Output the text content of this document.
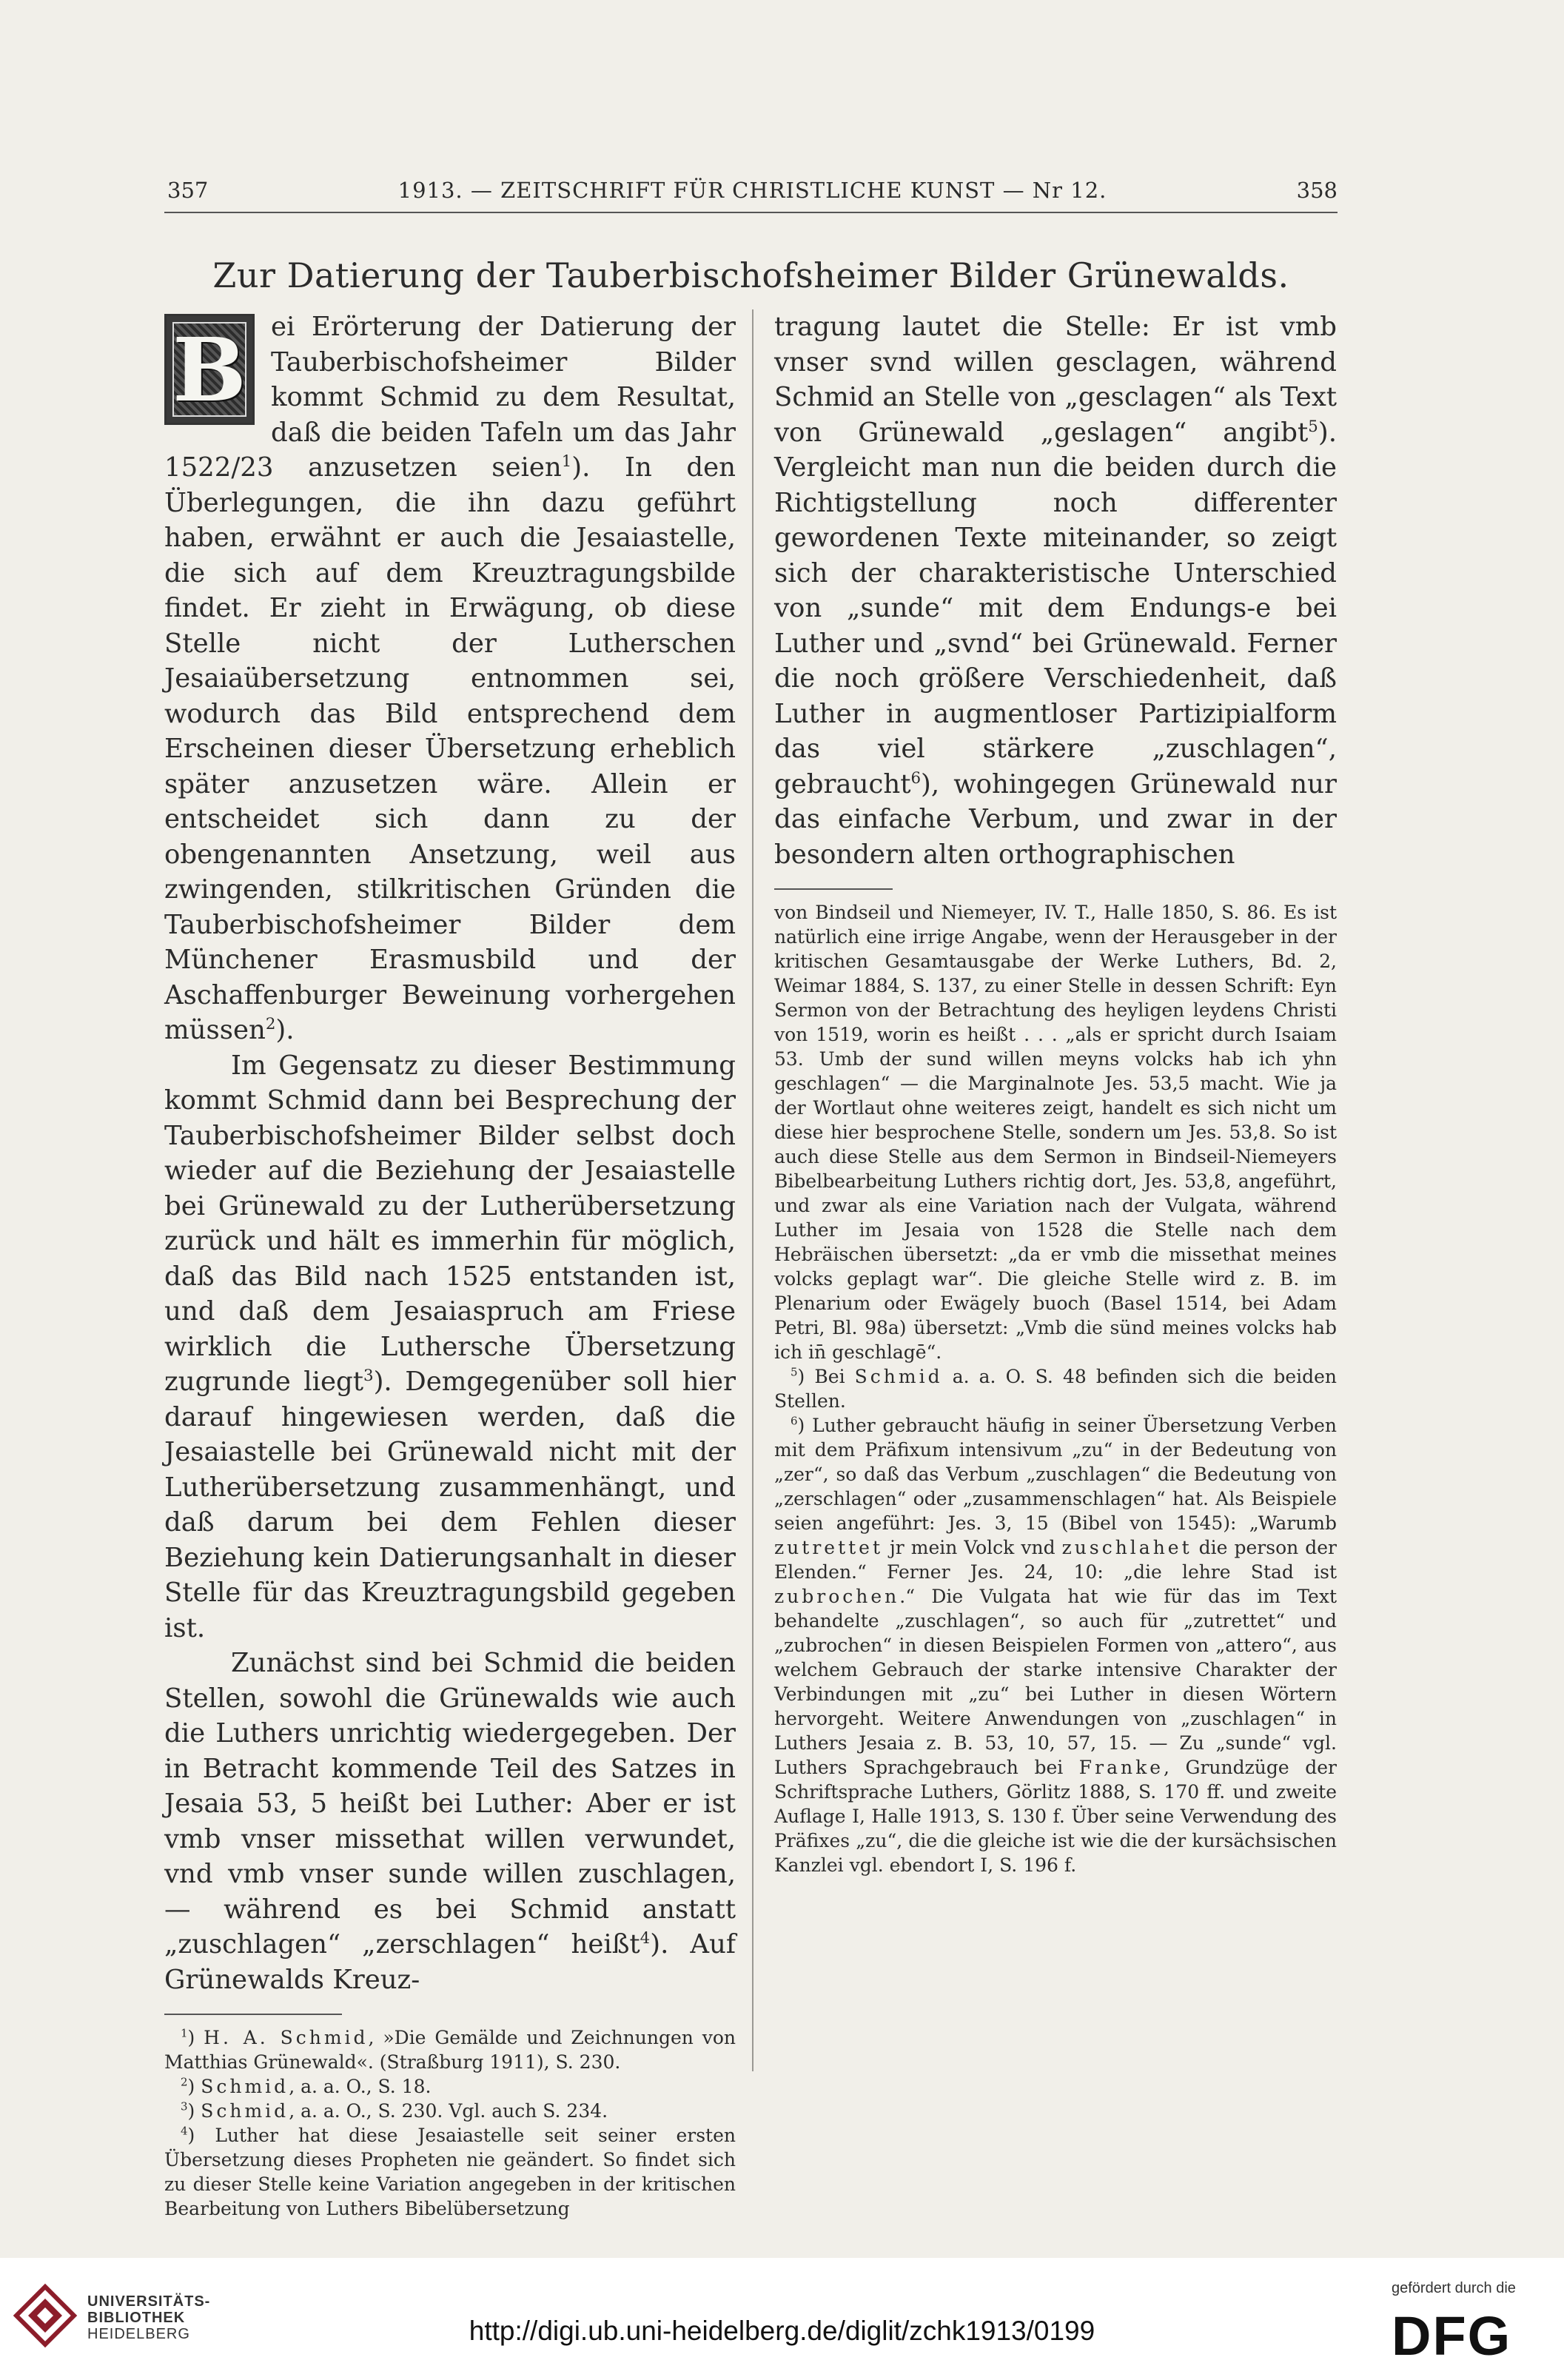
357	1913. — ZEITSCHRIFT FÜR CHRISTLICHE KUNST — Nr 12.	358
Zur Datierung der Tauberbischofsheimer Bilder Grünewalds.
B ei Erörterung der Datierung der Tauberbischofsheimer Bilder kommt Schmid zu dem Resultat, daß die beiden Tafeln um das Jahr 1522/23 anzusetzen seien$^1$). In den Überlegungen, die ihn dazu geführt haben, erwähnt er auch die Jesaiastelle, die sich auf dem Kreuztragungsbilde findet. Er zieht in Erwägung, ob diese Stelle nicht der Lutherschen Jesaiaübersetzung entnommen sei, wodurch das Bild entsprechend dem Erscheinen dieser Übersetzung erheblich später anzusetzen wäre. Allein er entscheidet sich dann zu der obengenannten Ansetzung, weil aus zwingenden, stilkritischen Gründen die Tauberbischofsheimer Bilder dem Münchener Erasmusbild und der Aschaffenburger Beweinung vorhergehen müssen$^2$).

Im Gegensatz zu dieser Bestimmung kommt Schmid dann bei Besprechung der Tauberbischofsheimer Bilder selbst doch wieder auf die Beziehung der Jesaiastelle bei Grünewald zu der Lutherübersetzung zurück und hält es immerhin für möglich, daß das Bild nach 1525 entstanden ist, und daß dem Jesaiaspruch am Friese wirklich die Luthersche Übersetzung zugrunde liegt$^3$). Demgegenüber soll hier darauf hingewiesen werden, daß die Jesaiastelle bei Grünewald nicht mit der Lutherübersetzung zusammenhängt, und daß darum bei dem Fehlen dieser Beziehung kein Datierungsanhalt in dieser Stelle für das Kreuztragungsbild gegeben ist.

Zunächst sind bei Schmid die beiden Stellen, sowohl die Grünewalds wie auch die Luthers unrichtig wiedergegeben. Der in Betracht kommende Teil des Satzes in Jesaia 53, 5 heißt bei Luther: Aber er ist vmb vnser missethat willen verwundet, vnd vmb vnser sunde willen zuschlagen, — während es bei Schmid anstatt „zuschlagen“ „zerschlagen“ heißt$^4$). Auf Grünewalds Kreuz-

$^1$) H. A. Schmid, »Die Gemälde und Zeichnungen von Matthias Grünewald«. (Straßburg 1911), S. 230.

$^2$) Schmid, a. a. O., S. 18.

$^3$) Schmid, a. a. O., S. 230. Vgl. auch S. 234.

$^4$) Luther hat diese Jesaiastelle seit seiner ersten Übersetzung dieses Propheten nie geändert. So findet sich zu dieser Stelle keine Variation angegeben in der kritischen Bearbeitung von Luthers Bibelübersetzung

tragung lautet die Stelle: Er ist vmb vnser svnd willen gesclagen, während Schmid an Stelle von „gesclagen“ als Text von Grünewald „geslagen“ angibt$^5$). Vergleicht man nun die beiden durch die Richtigstellung noch differenter gewordenen Texte miteinander, so zeigt sich der charakteristische Unterschied von „sunde“ mit dem Endungs-e bei Luther und „svnd“ bei Grünewald. Ferner die noch größere Verschiedenheit, daß Luther in augmentloser Partizipialform das viel stärkere „zuschlagen“, gebraucht$^6$), wohingegen Grünewald nur das einfache Verbum, und zwar in der besondern alten orthographischen

von Bindseil und Niemeyer, IV. T., Halle 1850, S. 86. Es ist natürlich eine irrige Angabe, wenn der Herausgeber in der kritischen Gesamtausgabe der Werke Luthers, Bd. 2, Weimar 1884, S. 137, zu einer Stelle in dessen Schrift: Eyn Sermon von der Betrachtung des heyligen leydens Christi von 1519, worin es heißt . . . „als er spricht durch Isaiam 53. Umb der sund willen meyns volcks hab ich yhn geschlagen“ — die Marginalnote Jes. 53,5 macht. Wie ja der Wortlaut ohne weiteres zeigt, handelt es sich nicht um diese hier besprochene Stelle, sondern um Jes. 53,8. So ist auch diese Stelle aus dem Sermon in Bindseil-Niemeyers Bibelbearbeitung Luthers richtig dort, Jes. 53,8, angeführt, und zwar als eine Variation nach der Vulgata, während Luther im Jesaia von 1528 die Stelle nach dem Hebräischen übersetzt: „da er vmb die missethat meines volcks geplagt war“. Die gleiche Stelle wird z. B. im Plenarium oder Ewägely buoch (Basel 1514, bei Adam Petri, Bl. 98a) übersetzt: „Vmb die sünd meines volcks hab ich in̄ geschlagē“.

$^5$) Bei Schmid a. a. O. S. 48 befinden sich die beiden Stellen.

$^6$) Luther gebraucht häufig in seiner Übersetzung Verben mit dem Präfixum intensivum „zu“ in der Bedeutung von „zer“, so daß das Verbum „zuschlagen“ die Bedeutung von „zerschlagen“ oder „zusammenschlagen“ hat. Als Beispiele seien angeführt: Jes. 3, 15 (Bibel von 1545): „Warumb zutrettet jr mein Volck vnd zuschlahet die person der Elenden.“ Ferner Jes. 24, 10: „die lehre Stad ist zubrochen.“ Die Vulgata hat wie für das im Text behandelte „zuschlagen“, so auch für „zutrettet“ und „zubrochen“ in diesen Beispielen Formen von „attero“, aus welchem Gebrauch der starke intensive Charakter der Verbindungen mit „zu“ bei Luther in diesen Wörtern hervorgeht. Weitere Anwendungen von „zuschlagen“ in Luthers Jesaia z. B. 53, 10, 57, 15. — Zu „sunde“ vgl. Luthers Sprachgebrauch bei Franke, Grundzüge der Schriftsprache Luthers, Görlitz 1888, S. 170 ff. und zweite Auflage I, Halle 1913, S. 130 f. Über seine Verwendung des Präfixes „zu“, die die gleiche ist wie die der kursächsischen Kanzlei vgl. ebendort I, S. 196 f.

UNIVERSITÄTS-
BIBLIOTHEK
HEIDELBERG	http://digi.ub.uni-heidelberg.de/diglit/zchk1913/0199
gefördert durch die
DFG
